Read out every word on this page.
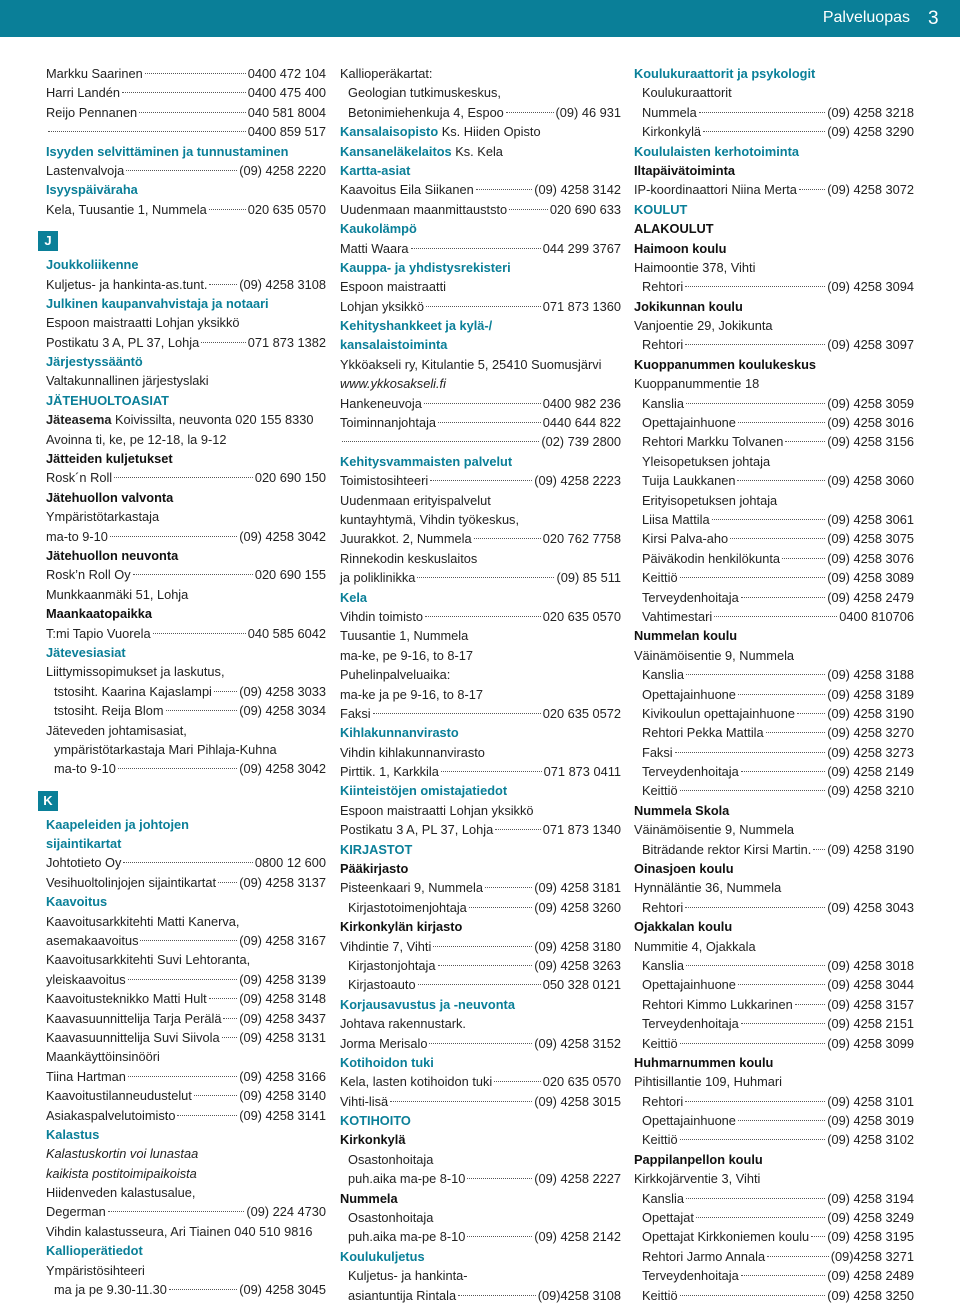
Palveluopas 3
Markku Saarinen	0400 472 104
Harri Landén	0400 475 400
Reijo Pennanen	040 581 8004
0400 859 517
Isyyden selvittäminen ja tunnustaminen
Lastenvalvoja	(09) 4258 2220
Isyyspäiväraha
Kela, Tuusantie 1, Nummela	020 635 0570
J
Joukkoliikenne
Kuljetus- ja hankinta-as.tunt. (09) 4258 3108
Julkinen kaupanvahvistaja ja notaari
Espoon maistraatti Lohjan yksikkö
Postikatu 3 A, PL 37, Lohja	071 873 1382
Järjestyssääntö
Valtakunnallinen järjestyslaki
JÄTEHUOLTOASIAT
Jäteasema Koivissilta, neuvonta 020 155 8330
Avoinna ti, ke, pe 12-18, la 9-12
Jätteiden kuljetukset
Rosk´n Roll	020 690 150
Jätehuollon valvonta
Ympäristötarkastaja
ma-to 9-10	(09) 4258 3042
Jätehuollon neuvonta
Rosk’n Roll Oy	020 690 155
Munkkaanmäki 51, Lohja
Maankaatopaikka
T:mi Tapio Vuorela	040 585 6042
Jätevesiasiat
Liittymissopimukset ja laskutus,
tstosiht. Kaarina Kajaslampi (09) 4258 3033
tstosiht. Reija Blom	(09) 4258 3034
Jäteveden johtamisasiat,
ympäristötarkastaja Mari Pihlaja-Kuhna
ma-to 9-10	(09) 4258 3042
K
Kaapeleiden ja johtojen
sijaintikartat
Johtotieto Oy	0800 12 600
Vesihuoltolinjojen sijaintikartat (09) 4258 3137
Kaavoitus
Kaavoitusarkkitehti Matti Kanerva,
asemakaavoitus	(09) 4258 3167
Kaavoitusarkkitehti Suvi Lehtoranta,
yleiskaavoitus	(09) 4258 3139
Kaavoitusteknikko Matti Hult	(09) 4258 3148
Kaavasuunnittelija Tarja Perälä (09) 4258 3437
Kaavasuunnittelija Suvi Siivola (09) 4258 3131
Maankäyttöinsinööri
Tiina Hartman	(09) 4258 3166
Kaavoitustilanneudustelut	(09) 4258 3140
Asiakaspalvelutoimisto	(09) 4258 3141
Kalastus
Kalastuskortin voi lunastaa
kaikista postitoimipaikoista
Hiidenveden kalastusalue,
Degerman	(09) 224 4730
Vihdin kalastusseura, Ari Tiainen 040 510 9816
Kallioperätiedot
Ympäristösihteeri
ma ja pe 9.30-11.30	(09) 4258 3045
Kallioperäkartat:
Geologian tutkimuskeskus,
Betonimiehenkuja 4, Espoo	(09) 46 931
Kansalaisopisto Ks. Hiiden Opisto
Kansaneläkelaitos Ks. Kela
Kartta-asiat
Kaavoitus Eila Siikanen	(09) 4258 3142
Uudenmaan maanmittauststo	020 690 633
Kaukolämpö
Matti Waara	044 299 3767
Kauppa- ja yhdistysrekisteri
Espoon maistraatti
Lohjan yksikkö	071 873 1360
Kehityshankkeet ja kylä-/
kansalaistoiminta
Ykköakseli ry, Kitulantie 5, 25410 Suomusjärvi
www.ykkosakseli.fi
Hankeneuvoja	0400 982 236
Toiminnanjohtaja	0440 644 822
(02) 739 2800
Kehitysvammaisten palvelut
Toimistosihteeri	(09) 4258 2223
Uudenmaan erityispalvelut
kuntayhtymä, Vihdin työkeskus,
Juurakkot. 2, Nummela	020 762 7758
Rinnekodin keskuslaitos
ja poliklinikka	(09) 85 511
Kela
Vihdin toimisto	020 635 0570
Tuusantie 1, Nummela
ma-ke, pe 9-16, to 8-17
Puhelinpalveluaika:
ma-ke ja pe 9-16, to 8-17
Faksi	020 635 0572
Kihlakunnanvirasto
Vihdin kihlakunnanvirasto
Pirttik. 1, Karkkila	071 873 0411
Kiinteistöjen omistajatiedot
Espoon maistraatti Lohjan yksikkö
Postikatu 3 A, PL 37, Lohja	071 873 1340
KIRJASTOT
Pääkirjasto
Pisteenkaari 9, Nummela	(09) 4258 3181
Kirjastotoimenjohtaja	(09) 4258 3260
Kirkonkylän kirjasto
Vihdintie 7, Vihti	(09) 4258 3180
Kirjastonjohtaja	(09) 4258 3263
Kirjastoauto	050 328 0121
Korjausavustus ja -neuvonta
Johtava rakennustark.
Jorma Merisalo	(09) 4258 3152
Kotihoidon tuki
Kela, lasten kotihoidon tuki	020 635 0570
Vihti-lisä	(09) 4258 3015
KOTIHOITO
Kirkonkylä
Osastonhoitaja
puh.aika ma-pe 8-10	(09) 4258 2227
Nummela
Osastonhoitaja
puh.aika ma-pe 8-10	(09) 4258 2142
Koulukuljetus
Kuljetus- ja hankinta-
asiantuntija Rintala	(09)4258 3108
Koulukuraattorit ja psykologit
Koulukuraattorit
Nummela	(09) 4258 3218
Kirkonkylä	(09) 4258 3290
Koululaisten kerhotoiminta
Iltapäivätoiminta
IP-koordinaattori Niina Merta (09) 4258 3072
KOULUT
ALAKOULUT
Haimoon koulu
Haimoontie 378, Vihti
Rehtori	(09) 4258 3094
Jokikunnan koulu
Vanjoentie 29, Jokikunta
Rehtori	(09) 4258 3097
Kuoppanummen koulukeskus
Kuoppanummentie 18
Kanslia	(09) 4258 3059
Opettajainhuone	(09) 4258 3016
Rehtori Markku Tolvanen	(09) 4258 3156
Yleisopetuksen johtaja
Tuija Laukkanen	(09) 4258 3060
Erityisopetuksen johtaja
Liisa Mattila	(09) 4258 3061
Kirsi Palva-aho	(09) 4258 3075
Päiväkodin henkilökunta	(09) 4258 3076
Keittiö	(09) 4258 3089
Terveydenhoitaja	(09) 4258 2479
Vahtimestari	0400 810706
Nummelan koulu
Väinämöisentie 9, Nummela
Kanslia	(09) 4258 3188
Opettajainhuone	(09) 4258 3189
Kivikoulun opettajainhuone	(09) 4258 3190
Rehtori Pekka Mattila	(09) 4258 3270
Faksi	(09) 4258 3273
Terveydenhoitaja	(09) 4258 2149
Keittiö	(09) 4258 3210
Nummela Skola
Väinämöisentie 9, Nummela
Biträdande rektor Kirsi Martin. (09) 4258 3190
Oinasjoen koulu
Hynnäläntie 36, Nummela
Rehtori	(09) 4258 3043
Ojakkalan koulu
Nummitie 4, Ojakkala
Kanslia	(09) 4258 3018
Opettajainhuone	(09) 4258 3044
Rehtori Kimmo Lukkarinen	(09) 4258 3157
Terveydenhoitaja	(09) 4258 2151
Keittiö	(09) 4258 3099
Huhmarnummen koulu
Pihtisillantie 109, Huhmari
Rehtori	(09) 4258 3101
Opettajainhuone	(09) 4258 3019
Keittiö	(09) 4258 3102
Pappilanpellon koulu
Kirkkojärventie 3, Vihti
Kanslia	(09) 4258 3194
Opettajat	(09) 4258 3249
Opettajat Kirkkoniemen koulu (09) 4258 3195
Rehtori Jarmo Annala	(09)4258 3271
Terveydenhoitaja	(09) 4258 2489
Keittiö	(09) 4258 3250
